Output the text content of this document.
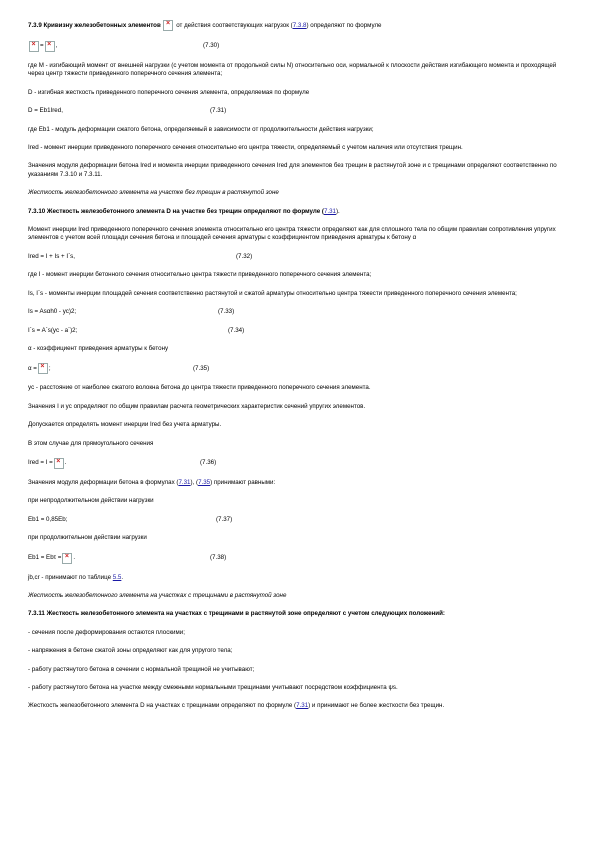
7.3.9 Кривизну железобетонных элементов × от действия соответствующих нагрузок (7.3.8) определяют по формуле

×
= × ,	(7.30)

где M - изгибающий момент от внешней нагрузки (с учетом момента от продольной силы N) относительно оси, нормальной к плоскости действия изгибающего момента и проходящей через центр тяжести приведенного поперечного сечения элемента;

D - изгибная жесткость приведенного поперечного сечения элемента, определяемая по формуле

D = Eb1Ired,	(7.31)

где Eb1 - модуль деформации сжатого бетона, определяемый в зависимости от продолжительности действия нагрузки;

Ired - момент инерции приведенного поперечного сечения относительно его центра тяжести, определяемый с учетом наличия или отсутствия трещин.

Значения модуля деформации бетона Ired и момента инерции приведенного сечения Ired для элементов без трещин в растянутой зоне и с трещинами определяют соответственно по указаниям 7.3.10 и 7.3.11.

Жесткость железобетонного элемента на участке без трещин в растянутой зоне

7.3.10 Жесткость железобетонного элемента D на участке без трещин определяют по формуле (7.31).

Момент инерции Ired приведенного поперечного сечения элемента относительно его центра тяжести определяют как для сплошного тела по общим правилам сопротивления упругих элементов с учетом всей площади сечения бетона и площадей сечения арматуры с коэффициентом приведения арматуры к бетону α

Ired = I + Is + I΄s,	(7.32)

где I - момент инерции бетонного сечения относительно центра тяжести приведенного поперечного сечения элемента;

Is, I΄s - моменты инерции площадей сечения соответственно растянутой и сжатой арматуры относительно центра тяжести приведенного поперечного сечения элемента;

Is = Asαh0 - yc)2;	(7.33)
I΄s = A΄s(yc - a΄)2;	(7.34)

α - коэффициент приведения арматуры к бетону

α = × ;	(7.35)

yc - расстояние от наиболее сжатого волокна бетона до центра тяжести приведенного поперечного сечения элемента.

Значения I и yc определяют по общим правилам расчета геометрических характеристик сечений упругих элементов.

Допускается определять момент инерции Ired без учета арматуры.

В этом случае для прямоугольного сечения

Ired = I = × .	(7.36)

Значения модуля деформации бетона в формулах (7.31), (7.35) принимают равными:

при непродолжительном действии нагрузки

Eb1 = 0,85Eb;	(7.37)

при продолжительном действии нагрузки

Eb1 = Ebτ = × .	(7.38)

jb,cr - принимают по таблице 5.5.

Жесткость железобетонного элемента на участках с трещинами в растянутой зоне

7.3.11 Жесткость железобетонного элемента на участках с трещинами в растянутой зоне определяют с учетом следующих положений:

- сечения после деформирования остаются плоскими;

- напряжения в бетоне сжатой зоны определяют как для упругого тела;

- работу растянутого бетона в сечении с нормальной трещиной не учитывают;

- работу растянутого бетона на участке между смежными нормальными трещинами учитывают посредством коэффициента ψs.

Жесткость железобетонного элемента D на участках с трещинами определяют по формуле (7.31) и принимают не более жесткости без трещин.
